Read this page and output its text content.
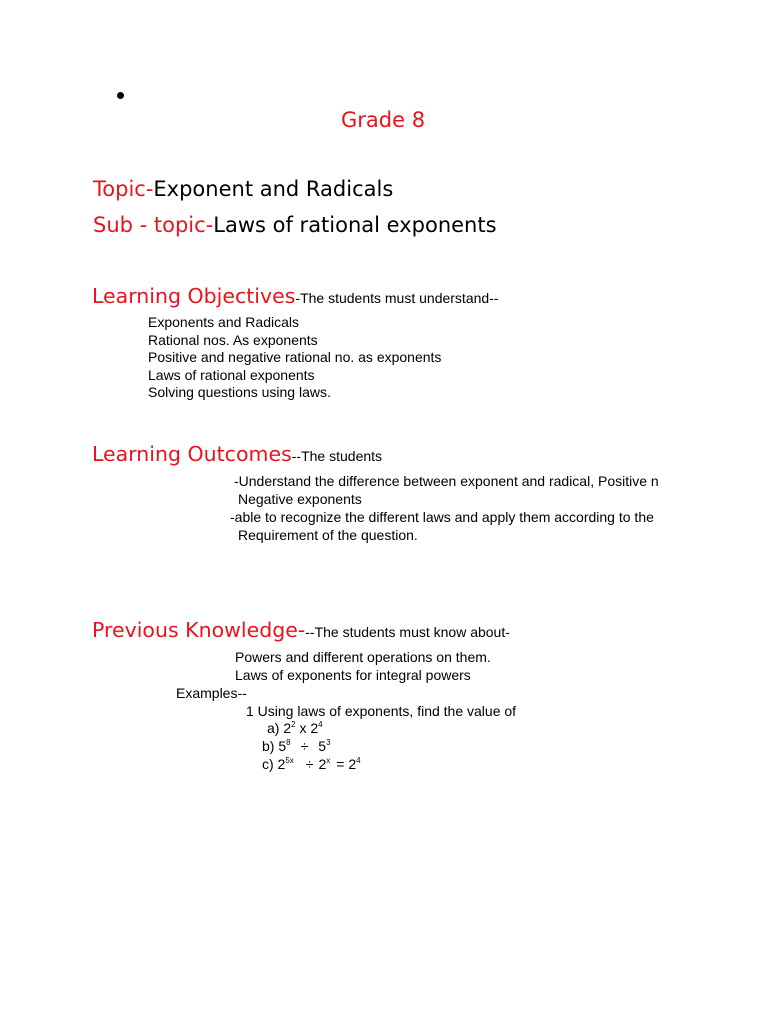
Grade 8
Topic-Exponent and Radicals
Sub - topic-Laws of rational exponents
Learning Objectives-The students must understand--
Exponents and Radicals
Rational nos. As exponents
Positive and negative rational no. as exponents
Laws of rational exponents
Solving questions using laws.
Learning Outcomes--The students
-Understand the difference between exponent and radical, Positive n
Negative exponents
-able to recognize the different laws and apply them according to the
Requirement of the question.
Previous Knowledge---The students must know about-
Powers and different operations on them.
Laws of exponents for integral powers
Examples--
1 Using laws of exponents, find the value of
a) $2^2$ x $2^4$
b) $5^8 \div 5^3$
c) $2^{5x} \div 2^x = 2^4$
